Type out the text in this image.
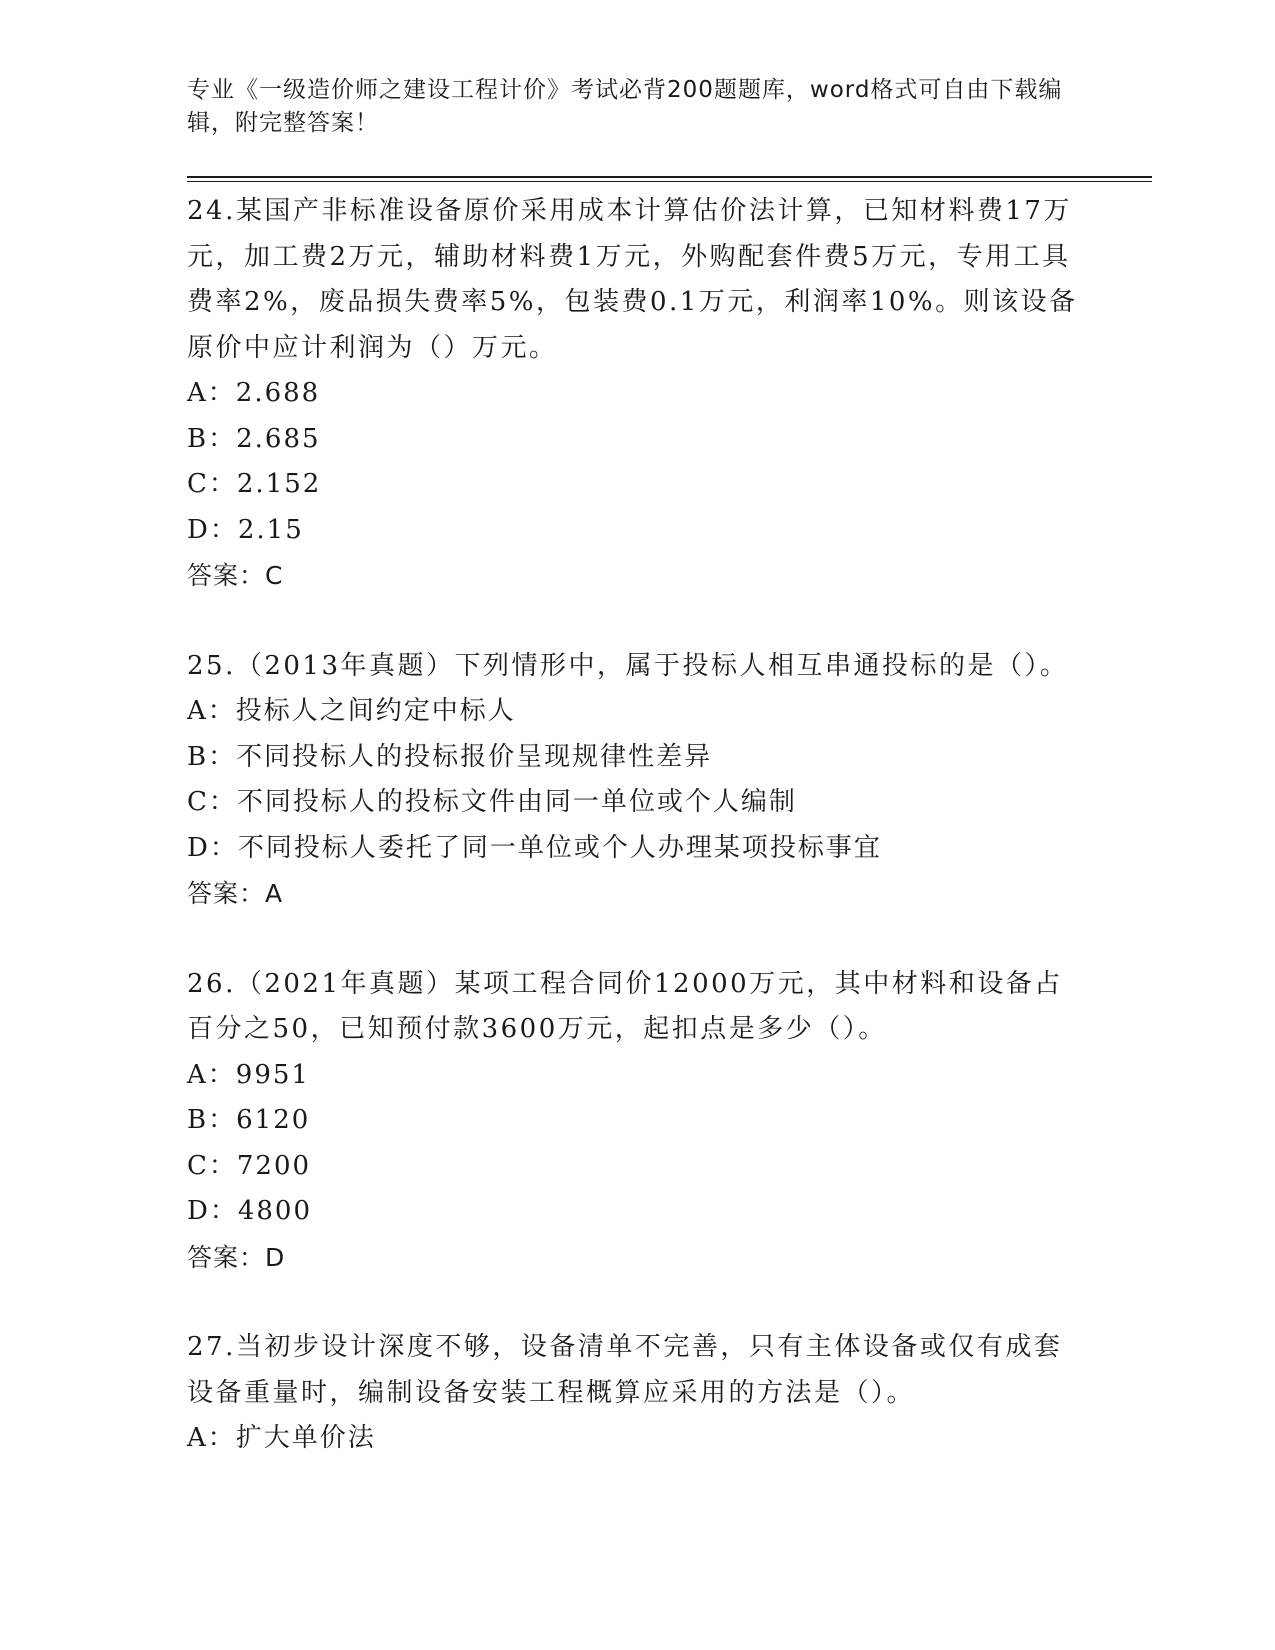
专业《一级造价师之建设工程计价》考试必背200题题库，word格式可自由下载编辑，附完整答案！

24.某国产非标准设备原价采用成本计算估价法计算，已知材料费17万元，加工费2万元，辅助材料费1万元，外购配套件费5万元，专用工具费率2%，废品损失费率5%，包装费0.1万元，利润率10%。则该设备原价中应计利润为（）万元。

A：2.688

B：2.685

C：2.152

D：2.15

答案：C

25.（2013年真题）下列情形中，属于投标人相互串通投标的是（）。

A：投标人之间约定中标人

B：不同投标人的投标报价呈现规律性差异

C：不同投标人的投标文件由同一单位或个人编制

D：不同投标人委托了同一单位或个人办理某项投标事宜

答案：A

26.（2021年真题）某项工程合同价12000万元，其中材料和设备占百分之50，已知预付款3600万元，起扣点是多少（）。

A：9951

B：6120

C：7200

D：4800

答案：D

27.当初步设计深度不够，设备清单不完善，只有主体设备或仅有成套设备重量时，编制设备安装工程概算应采用的方法是（）。

A：扩大单价法
